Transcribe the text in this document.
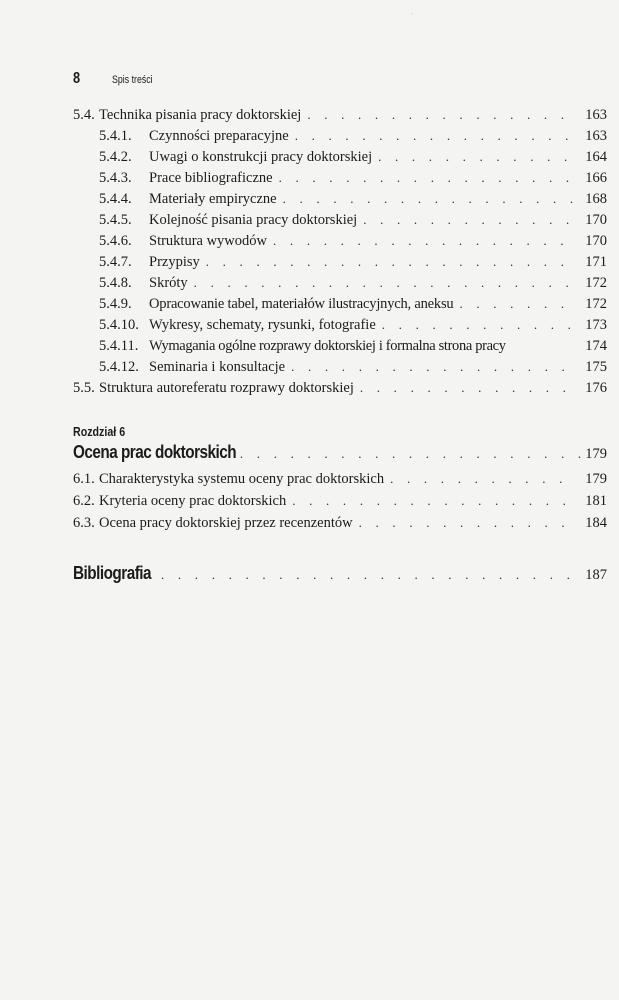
`
8	Spis treści
5.4. Technika pisania pracy doktorskiej . . .	163
5.4.1.	Czynności preparacyjne . . .	163
5.4.2.	Uwagi o konstrukcji pracy doktorskiej . . .	164
5.4.3.	Prace bibliograficzne . . .	166
5.4.4.	Materiały empiryczne . . .	168
5.4.5.	Kolejność pisania pracy doktorskiej . . .	170
5.4.6.	Struktura wywodów . . .	170
5.4.7.	Przypisy . . .	171
5.4.8.	Skróty . . .	172
5.4.9.	Opracowanie tabel, materiałów ilustracyjnych, aneksu . . .	172
5.4.10. Wykresy, schematy, rysunki, fotografie . . .	173
5.4.11. Wymagania ogólne rozprawy doktorskiej i formalna strona pracy	174
5.4.12. Seminaria i konsultacje . . .	175
5.5. Struktura autoreferatu rozprawy doktorskiej . . .	176
Rozdział 6
Ocena prac doktorskich . . .	179
6.1. Charakterystyka systemu oceny prac doktorskich . . .	179
6.2. Kryteria oceny prac doktorskich . . .	181
6.3. Ocena pracy doktorskiej przez recenzentów . . .	184
Bibliografia . . .	187
